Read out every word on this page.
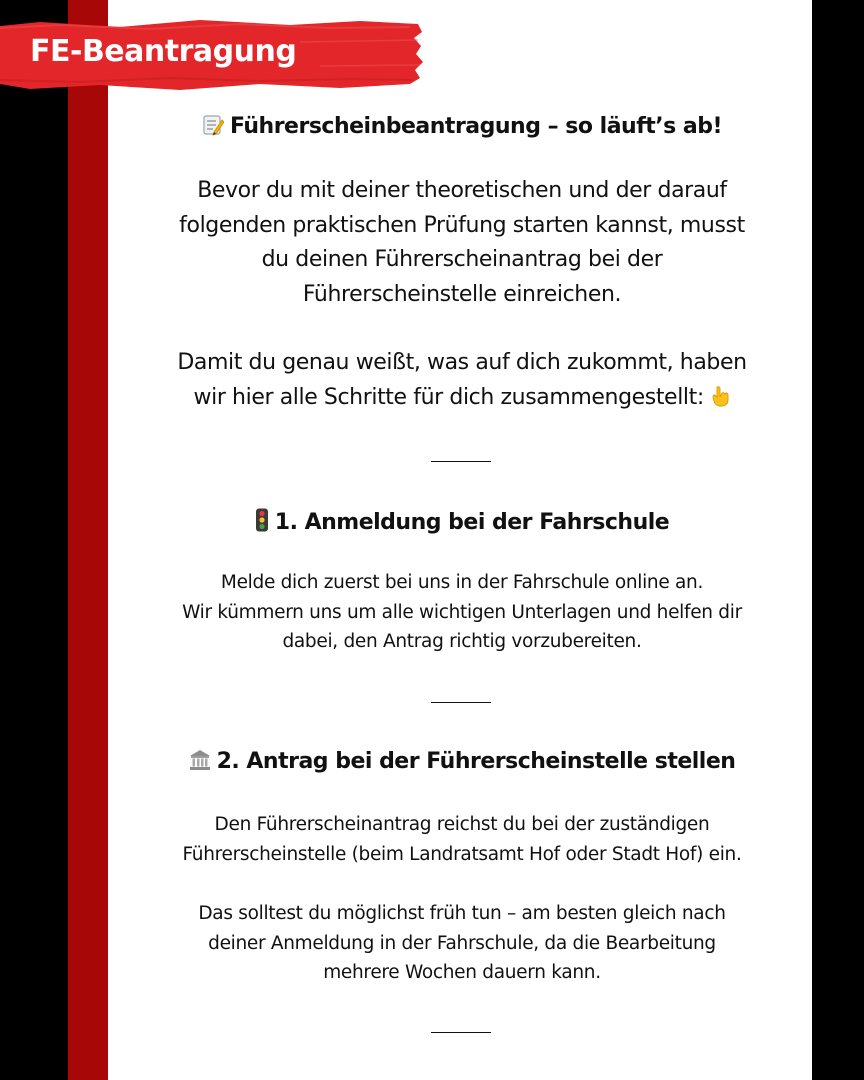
FE-Beantragung
Führerscheinbeantragung – so läuft’s ab!
Bevor du mit deiner theoretischen und der darauf
folgenden praktischen Prüfung starten kannst, musst
du deinen Führerscheinantrag bei der
Führerscheinstelle einreichen.
Damit du genau weißt, was auf dich zukommt, haben
wir hier alle Schritte für dich zusammengestellt:
1. Anmeldung bei der Fahrschule
Melde dich zuerst bei uns in der Fahrschule online an.
Wir kümmern uns um alle wichtigen Unterlagen und helfen dir
dabei, den Antrag richtig vorzubereiten.
2. Antrag bei der Führerscheinstelle stellen
Den Führerscheinantrag reichst du bei der zuständigen
Führerscheinstelle (beim Landratsamt Hof oder Stadt Hof) ein.
Das solltest du möglichst früh tun – am besten gleich nach
deiner Anmeldung in der Fahrschule, da die Bearbeitung
mehrere Wochen dauern kann.
